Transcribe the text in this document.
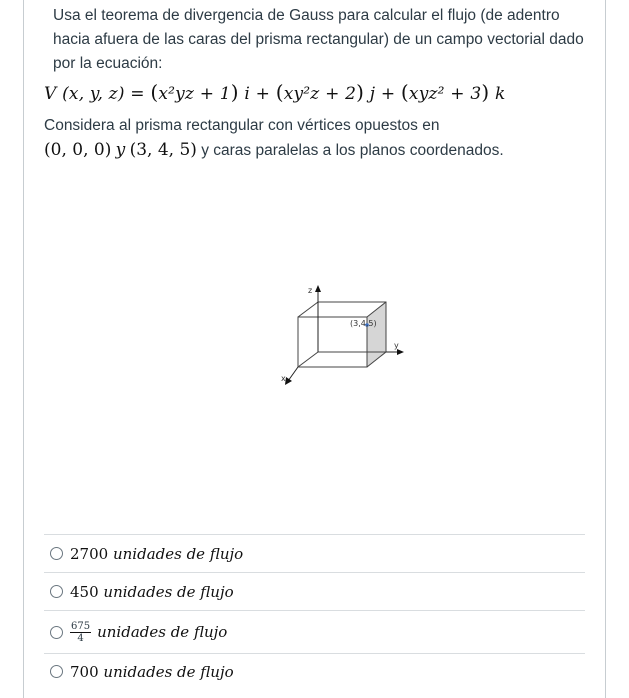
Usa el teorema de divergencia de Gauss para calcular el flujo (de adentro hacia afuera de las caras del prisma rectangular) de un campo vectorial dado por la ecuación:

V (x, y, z) = (x²yz + 1) i + (xy²z + 2) j + (xyz² + 3) k

Considera al prisma rectangular con vértices opuestos en

(0, 0, 0) y (3, 4, 5) y caras paralelas a los planos coordenados.

z
y
x
(3,4,5)
2700 unidades de flujo
450 unidades de flujo
$\frac{675}{4}$ unidades de flujo
700 unidades de flujo
